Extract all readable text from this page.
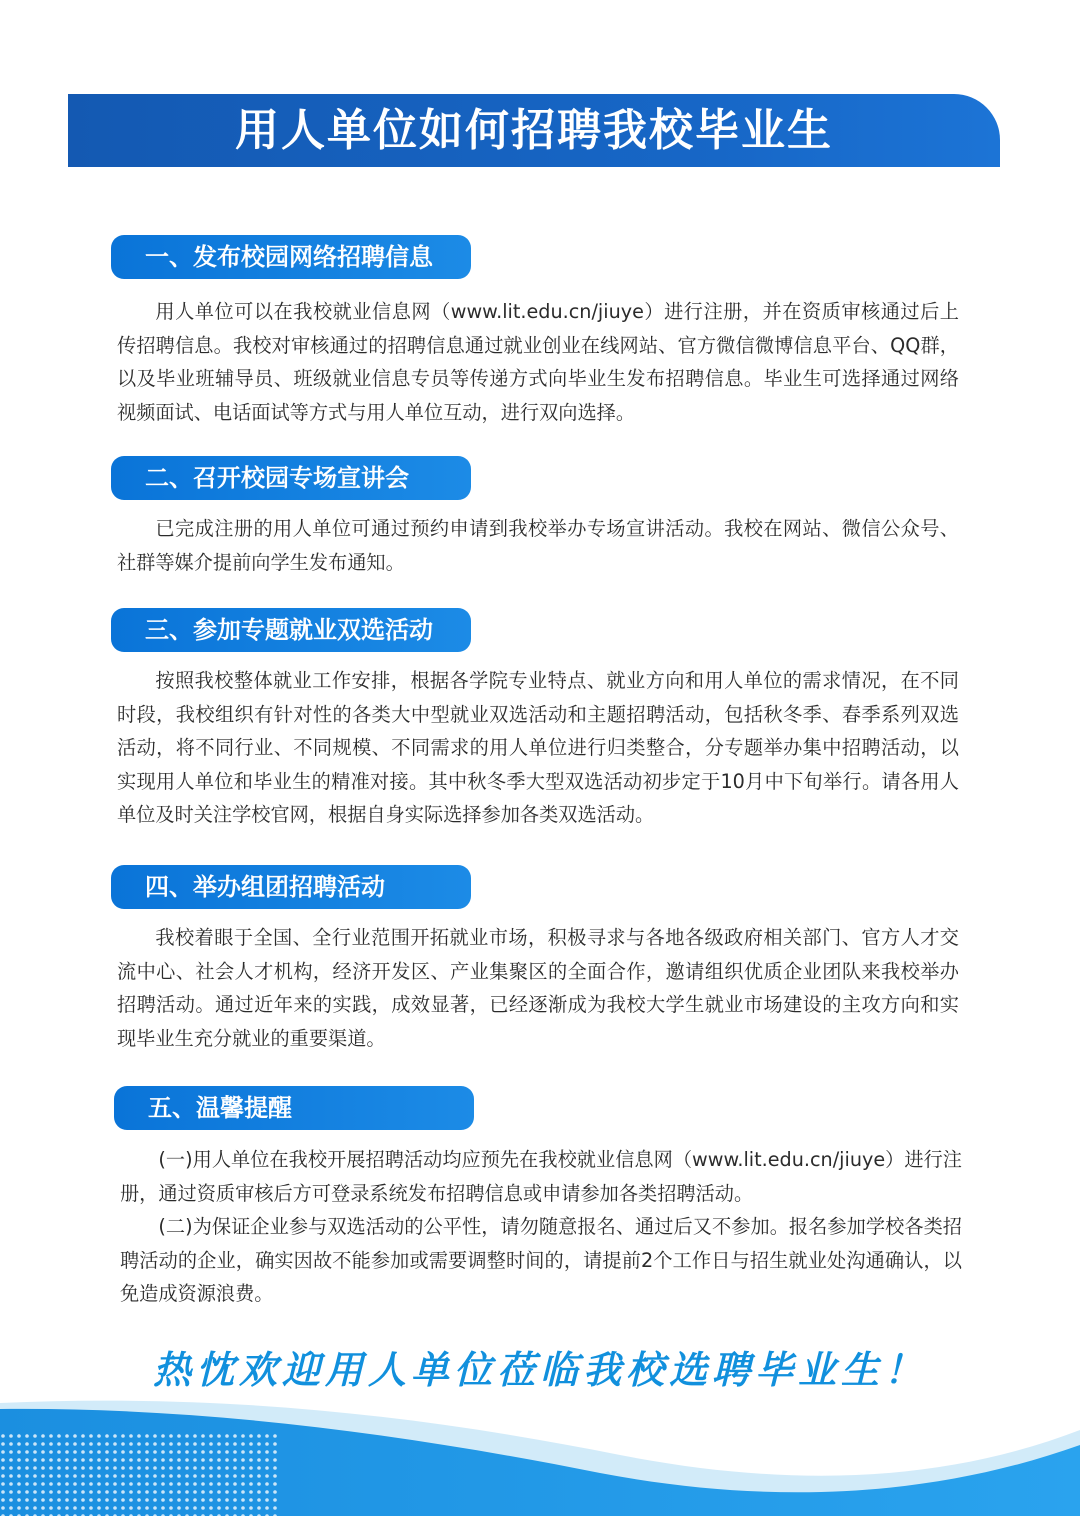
用人单位如何招聘我校毕业生
一、发布校园网络招聘信息

用人单位可以在我校就业信息网（www.lit.edu.cn/jiuye）进行注册，并在资质审核通过后上传招聘信息。我校对审核通过的招聘信息通过就业创业在线网站、官方微信微博信息平台、QQ群，以及毕业班辅导员、班级就业信息专员等传递方式向毕业生发布招聘信息。毕业生可选择通过网络视频面试、电话面试等方式与用人单位互动，进行双向选择。

二、召开校园专场宣讲会

已完成注册的用人单位可通过预约申请到我校举办专场宣讲活动。我校在网站、微信公众号、社群等媒介提前向学生发布通知。

三、参加专题就业双选活动

按照我校整体就业工作安排，根据各学院专业特点、就业方向和用人单位的需求情况，在不同时段，我校组织有针对性的各类大中型就业双选活动和主题招聘活动，包括秋冬季、春季系列双选活动，将不同行业、不同规模、不同需求的用人单位进行归类整合，分专题举办集中招聘活动，以实现用人单位和毕业生的精准对接。其中秋冬季大型双选活动初步定于10月中下旬举行。请各用人单位及时关注学校官网，根据自身实际选择参加各类双选活动。

四、举办组团招聘活动

我校着眼于全国、全行业范围开拓就业市场，积极寻求与各地各级政府相关部门、官方人才交流中心、社会人才机构，经济开发区、产业集聚区的全面合作，邀请组织优质企业团队来我校举办招聘活动。通过近年来的实践，成效显著，已经逐渐成为我校大学生就业市场建设的主攻方向和实现毕业生充分就业的重要渠道。

五、温馨提醒

(一)用人单位在我校开展招聘活动均应预先在我校就业信息网（www.lit.edu.cn/jiuye）进行注册，通过资质审核后方可登录系统发布招聘信息或申请参加各类招聘活动。

(二)为保证企业参与双选活动的公平性，请勿随意报名、通过后又不参加。报名参加学校各类招聘活动的企业，确实因故不能参加或需要调整时间的，请提前2个工作日与招生就业处沟通确认，以免造成资源浪费。

热忱欢迎用人单位莅临我校选聘毕业生！
